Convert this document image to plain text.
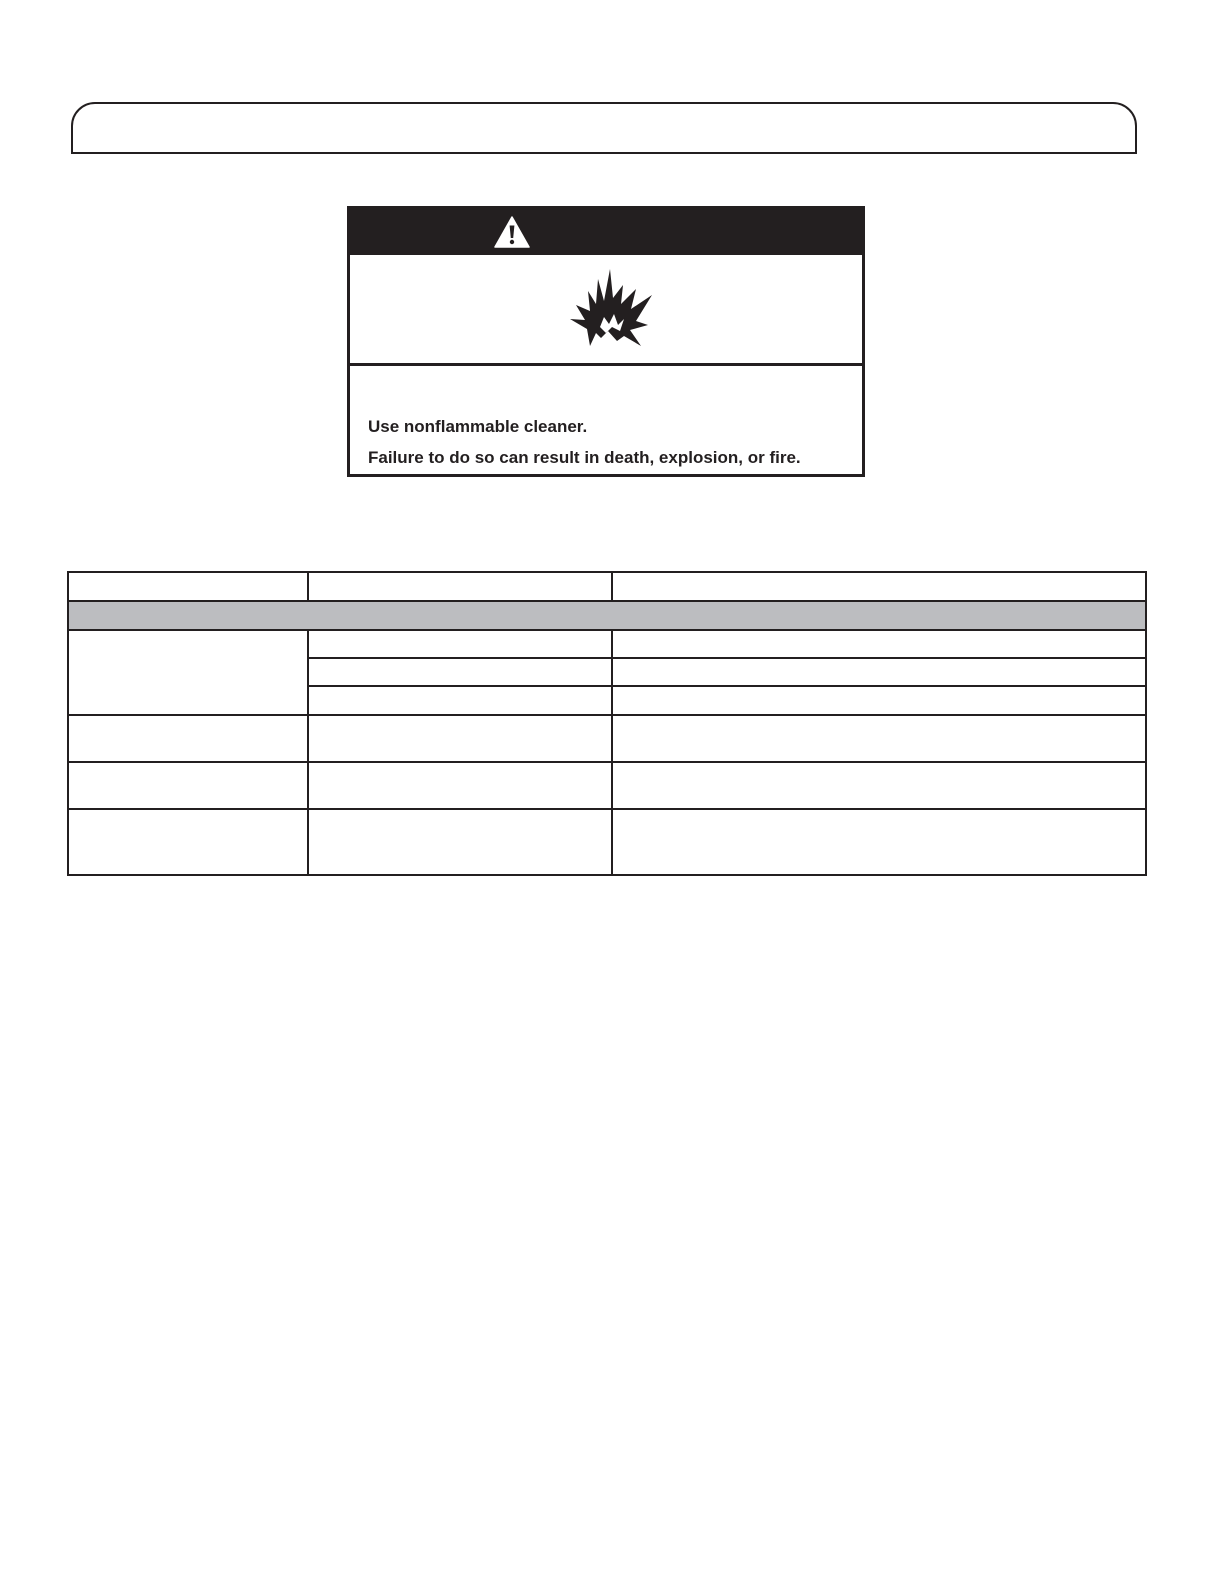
Use nonflammable cleaner.
Failure to do so can result in death, explosion, or fire.
